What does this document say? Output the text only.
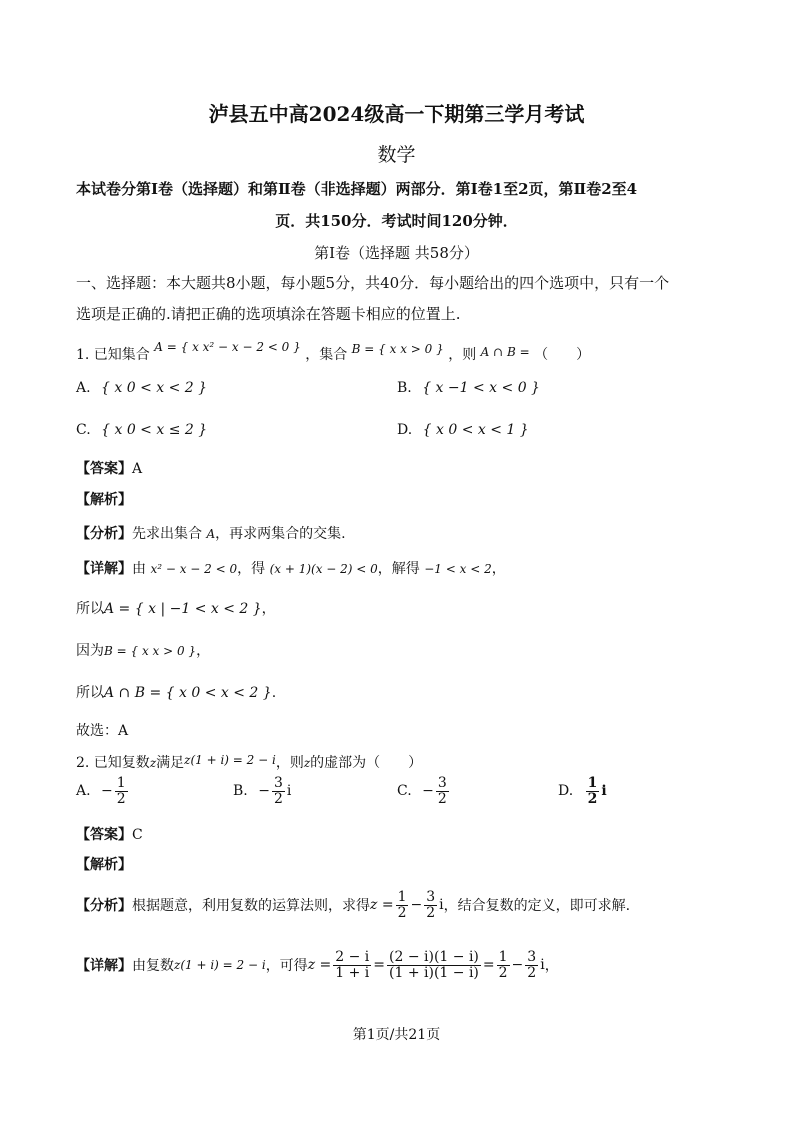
泸县五中高2024级高一下期第三学月考试
数学
本试卷分第Ⅰ卷（选择题）和第Ⅱ卷（非选择题）两部分．第Ⅰ卷1至2页，第Ⅱ卷2至4
页．共150分．考试时间120分钟．
第Ⅰ卷（选择题 共58分）
一、选择题：本大题共8小题，每小题5分，共40分．每小题给出的四个选项中，只有一个
选项是正确的.请把正确的选项填涂在答题卡相应的位置上.
1. 已知集合 A = { x x² − x − 2 < 0 } ，集合 B = { x x > 0 } ，则 A ∩ B = （　　）
A. { x 0 < x < 2 }	B. { x −1 < x < 0 }
C. { x 0 < x ≤ 2 }	D. { x 0 < x < 1 }
【答案】A
【解析】
【分析】先求出集合 A，再求两集合的交集.
【详解】由 x² − x − 2 < 0，得 (x + 1)(x − 2) < 0，解得 −1 < x < 2，
所以A = { x | −1 < x < 2 }，
因为B = { x x > 0 }，
所以A ∩ B = { x 0 < x < 2 }.
故选：A
2. 已知复数z满足z(1 + i) = 2 − i，则z的虚部为（　　）
A. − $\frac{1}{2}$	B. − $\frac{3}{2}$ i	C. − $\frac{3}{2}$	D. $\frac{1}{2}$ i
【答案】C
【解析】
【分析】根据题意，利用复数的运算法则，求得$z = \frac{1}{2} - \frac{3}{2}$ i，结合复数的定义，即可求解.
【详解】由复数z(1 + i) = 2 − i，可得$z = \frac{2 - i}{1 + i} = \frac{(2 - i)(1 - i)}{(1 + i)(1 - i)} = \frac{1}{2} - \frac{3}{2}$ i，
第1页/共21页
